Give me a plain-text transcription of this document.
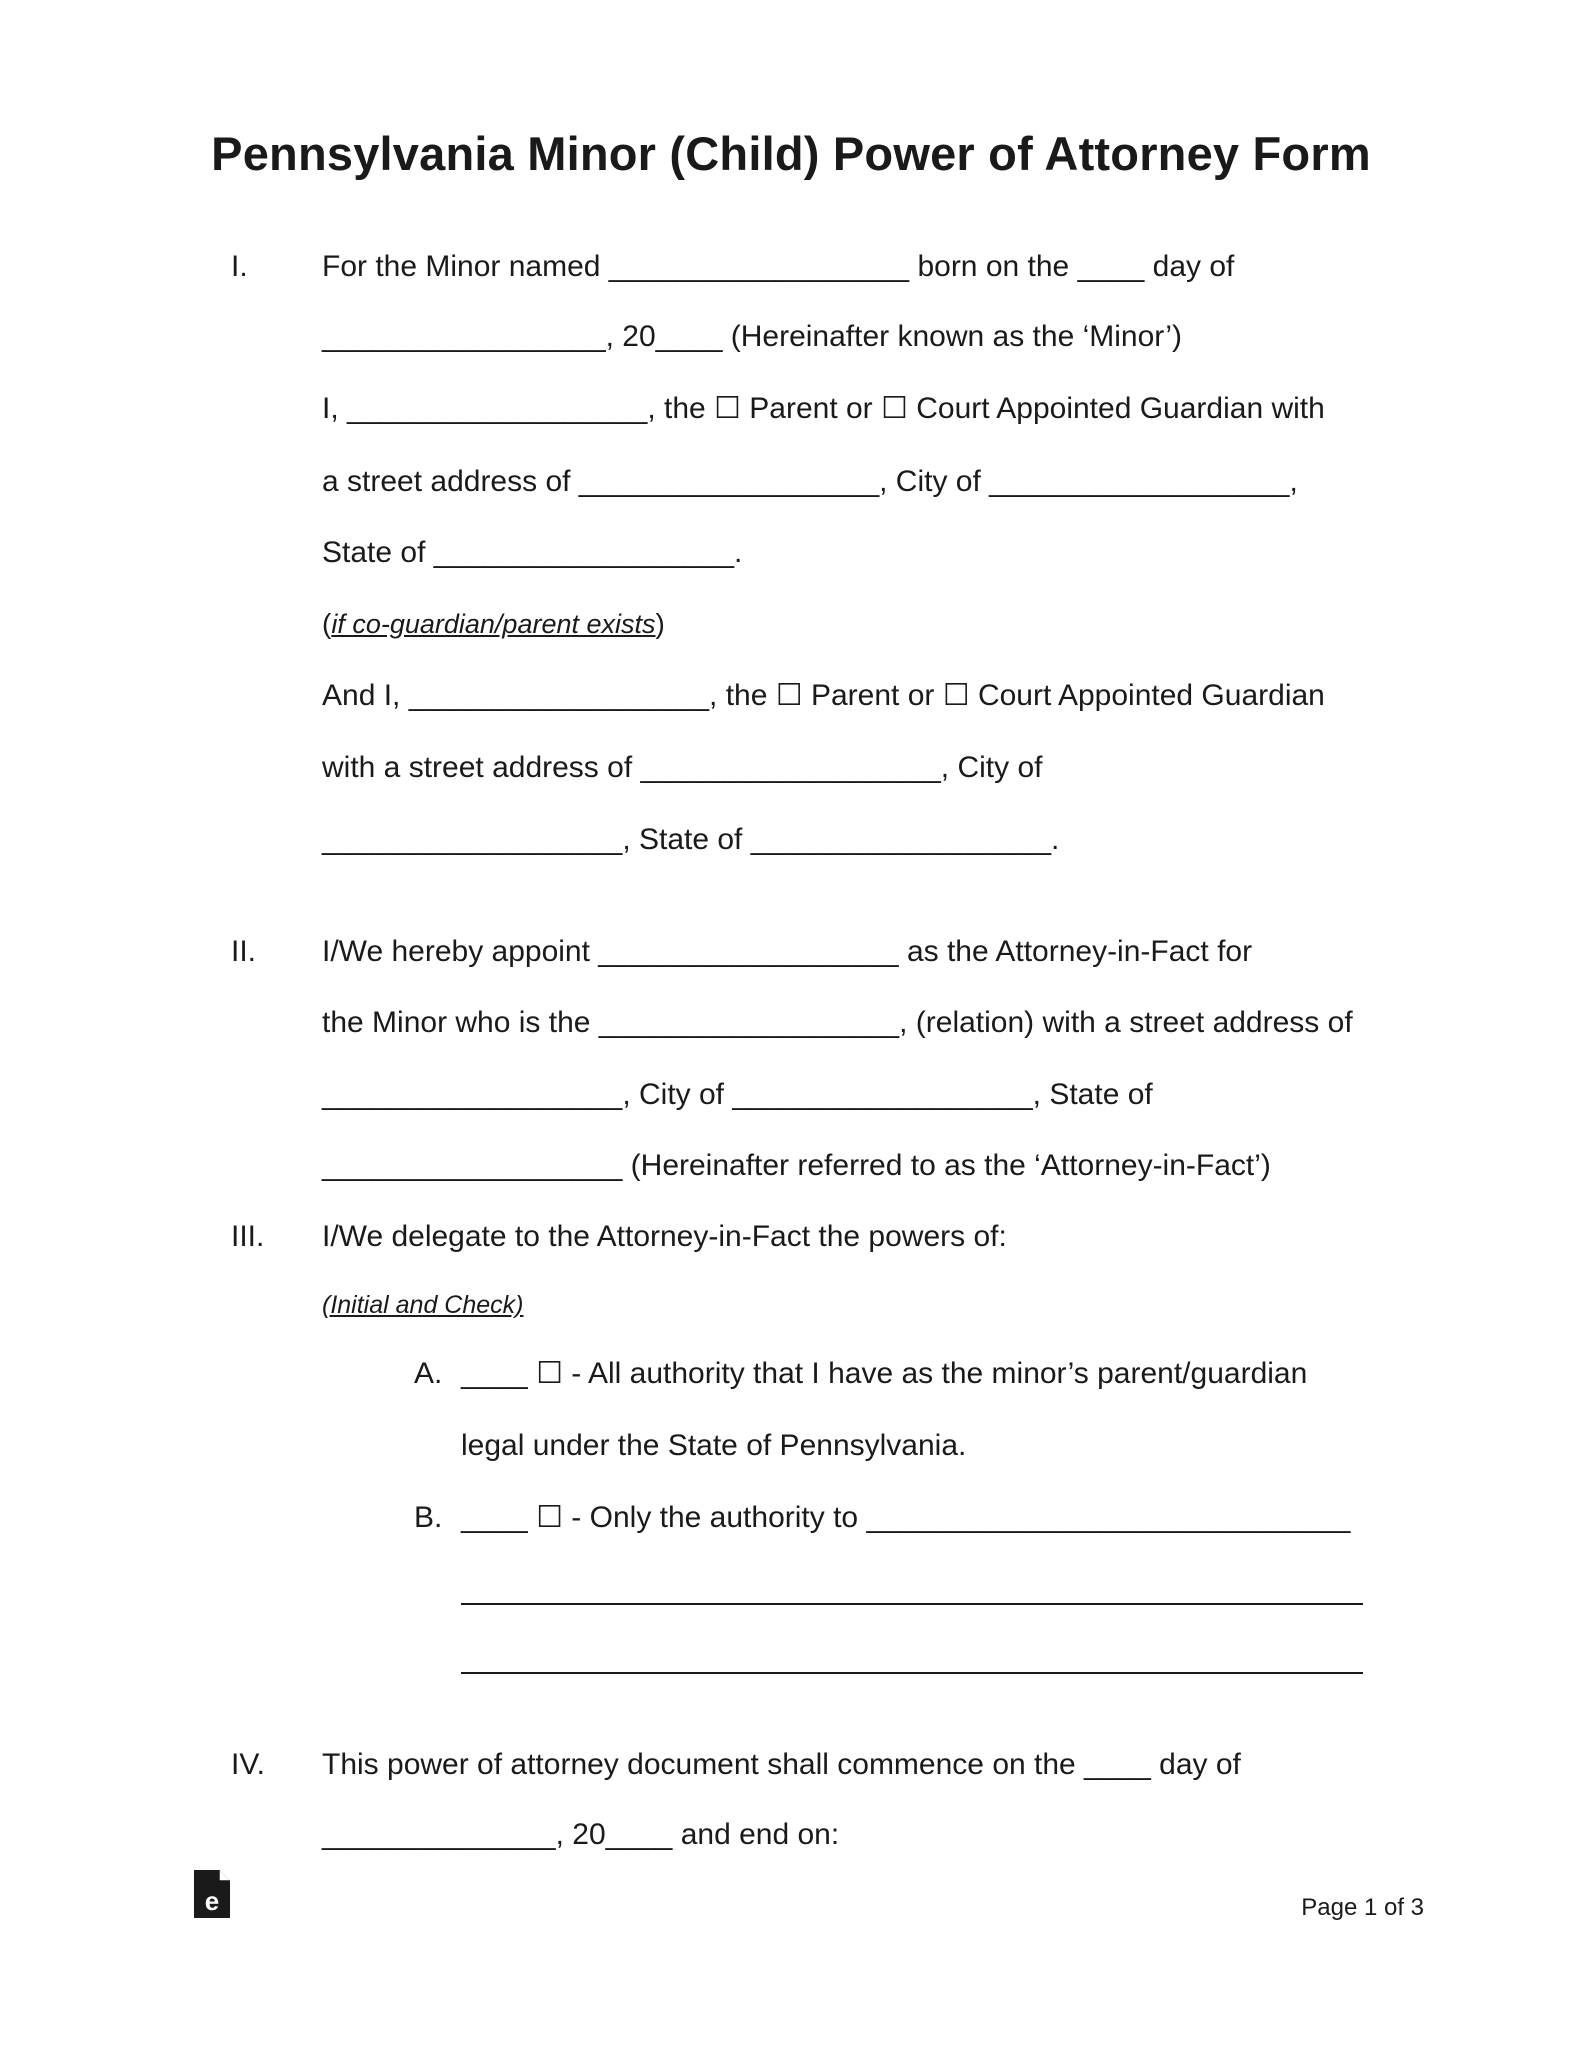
Pennsylvania Minor (Child) Power of Attorney Form
I. For the Minor named __________________ born on the ____ day of
_________________, 20____ (Hereinafter known as the ‘Minor’)
I, __________________, the ☐ Parent or ☐ Court Appointed Guardian with
a street address of __________________, City of __________________,
State of __________________.
(if co-guardian/parent exists)
And I, __________________, the ☐ Parent or ☐ Court Appointed Guardian
with a street address of __________________, City of
__________________, State of __________________.
II. I/We hereby appoint __________________ as the Attorney-in-Fact for
the Minor who is the __________________, (relation) with a street address of
__________________, City of __________________, State of
__________________ (Hereinafter referred to as the ‘Attorney-in-Fact’)
III. I/We delegate to the Attorney-in-Fact the powers of:
(Initial and Check)
A. ____ ☐ - All authority that I have as the minor’s parent/guardian
legal under the State of Pennsylvania.
B. ____ ☐ - Only the authority to _____________________________
IV. This power of attorney document shall commence on the ____ day of
______________, 20____ and end on:
e	Page 1 of 3
